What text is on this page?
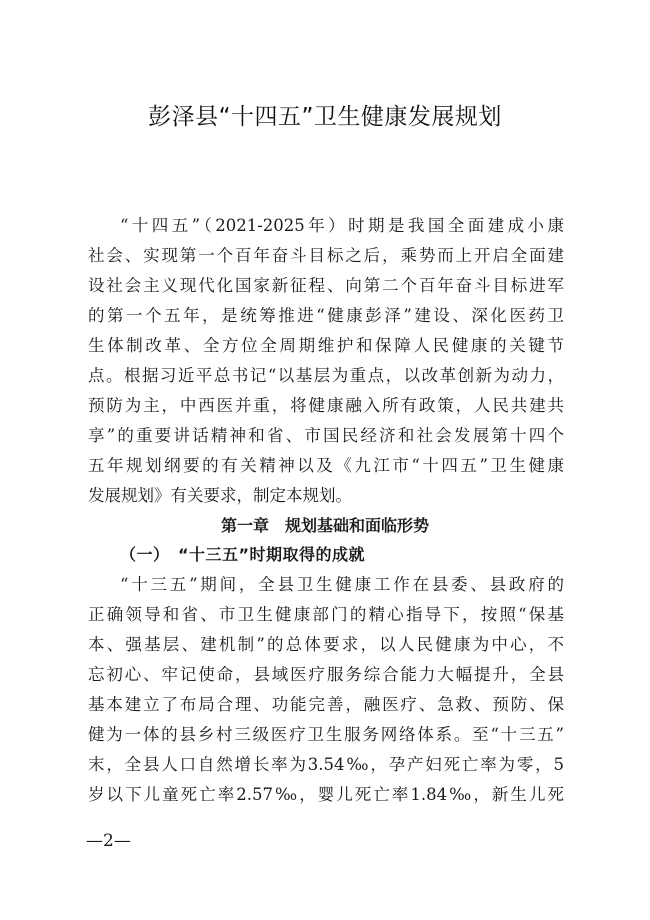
彭泽县“十四五”卫生健康发展规划
“十四五”（2021-2025年）时期是我国全面建成小康
社会、实现第一个百年奋斗目标之后，乘势而上开启全面建
设社会主义现代化国家新征程、向第二个百年奋斗目标进军
的第一个五年，是统筹推进“健康彭泽”建设、深化医药卫
生体制改革、全方位全周期维护和保障人民健康的关键节
点。根据习近平总书记“以基层为重点，以改革创新为动力，
预防为主，中西医并重，将健康融入所有政策，人民共建共
享”的重要讲话精神和省、市国民经济和社会发展第十四个
五年规划纲要的有关精神以及《九江市“十四五”卫生健康
发展规划》有关要求，制定本规划。
第一章　规划基础和面临形势
（一）　“十三五”时期取得的成就
“十三五”期间，全县卫生健康工作在县委、县政府的
正确领导和省、市卫生健康部门的精心指导下，按照“保基
本、强基层、建机制”的总体要求，以人民健康为中心，不
忘初心、牢记使命，县域医疗服务综合能力大幅提升，全县
基本建立了布局合理、功能完善，融医疗、急救、预防、保
健为一体的县乡村三级医疗卫生服务网络体系。至“十三五”
末，全县人口自然增长率为3.54‰，孕产妇死亡率为零，5
岁以下儿童死亡率2.57‰，婴儿死亡率1.84‰，新生儿死
—2—
